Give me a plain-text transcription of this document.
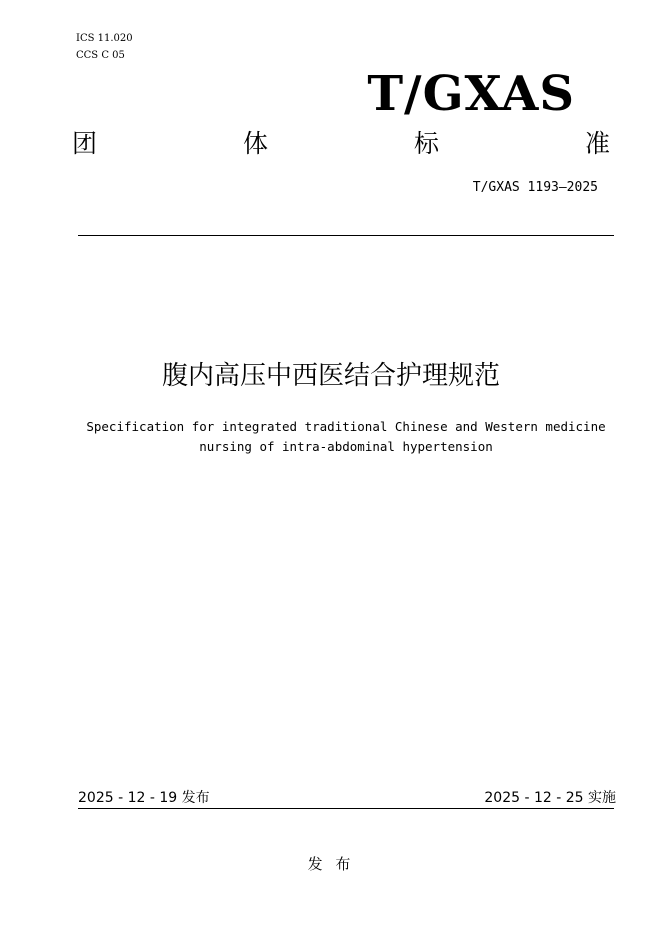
ICS 11.020
CCS C 05
T/GXAS
团	体	标	准
T/GXAS 1193—2025
腹内高压中西医结合护理规范
Specification for integrated traditional Chinese and Western medicine
nursing of intra-abdominal hypertension
2025 - 12 - 19 发布	2025 - 12 - 25 实施
发 布
